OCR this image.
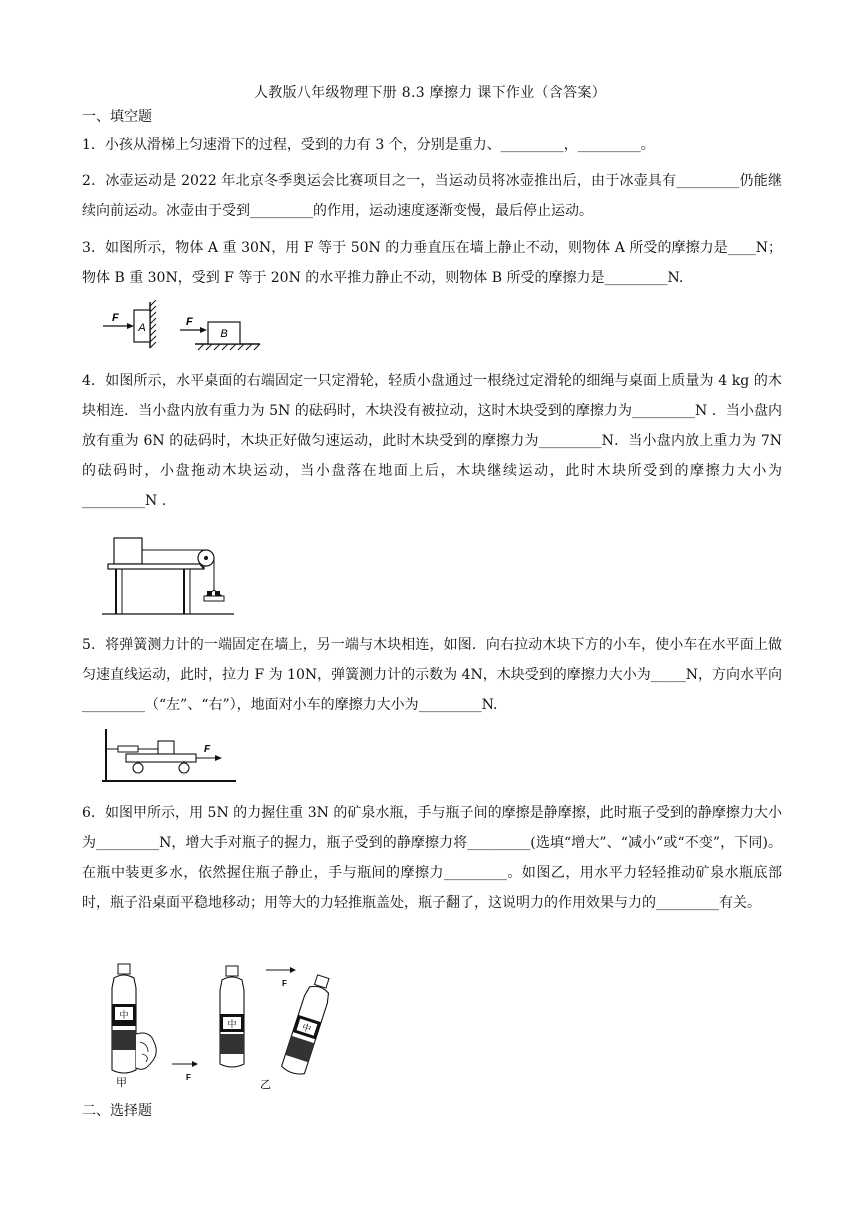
人教版八年级物理下册 8.3 摩擦力 课下作业（含答案）
一、填空题
1．小孩从滑梯上匀速滑下的过程，受到的力有 3 个，分别是重力、_________，_________。
2．冰壶运动是 2022 年北京冬季奥运会比赛项目之一，当运动员将冰壶推出后，由于冰壶具有_________仍能继续向前运动。冰壶由于受到_________的作用，运动速度逐渐变慢，最后停止运动。
3．如图所示，物体 A 重 30N，用 F 等于 50N 的力垂直压在墙上静止不动，则物体 A 所受的摩擦力是____N；物体 B 重 30N，受到 F 等于 20N 的水平推力静止不动，则物体 B 所受的摩擦力是_________N.
A
F
B
F
4．如图所示，水平桌面的右端固定一只定滑轮，轻质小盘通过一根绕过定滑轮的细绳与桌面上质量为 4 kg 的木块相连．当小盘内放有重力为 5N 的砝码时，木块没有被拉动，这时木块受到的摩擦力为_________N ．当小盘内放有重为 6N 的砝码时，木块正好做匀速运动，此时木块受到的摩擦力为_________N．当小盘内放上重力为 7N 的砝码时，小盘拖动木块运动，当小盘落在地面上后，木块继续运动，此时木块所受到的摩擦力大小为_________N .
5．将弹簧测力计的一端固定在墙上，另一端与木块相连，如图．向右拉动木块下方的小车，使小车在水平面上做匀速直线运动，此时，拉力 F 为 10N，弹簧测力计的示数为 4N，木块受到的摩擦力大小为_____N，方向水平向_________（“左”、“右”），地面对小车的摩擦力大小为_________N.
F
6．如图甲所示，用 5N 的力握住重 3N 的矿泉水瓶，手与瓶子间的摩擦是静摩擦，此时瓶子受到的静摩擦力大小为_________N，增大手对瓶子的握力，瓶子受到的静摩擦力将_________(选填“增大”、“减小”或“不变”，下同)。在瓶中装更多水，依然握住瓶子静止，手与瓶间的摩擦力_________。如图乙，用水平力轻轻推动矿泉水瓶底部时，瓶子沿桌面平稳地移动；用等大的力轻推瓶盖处，瓶子翻了，这说明力的作用效果与力的_________有关。
中
甲	F
中
F
中
乙
二、选择题
